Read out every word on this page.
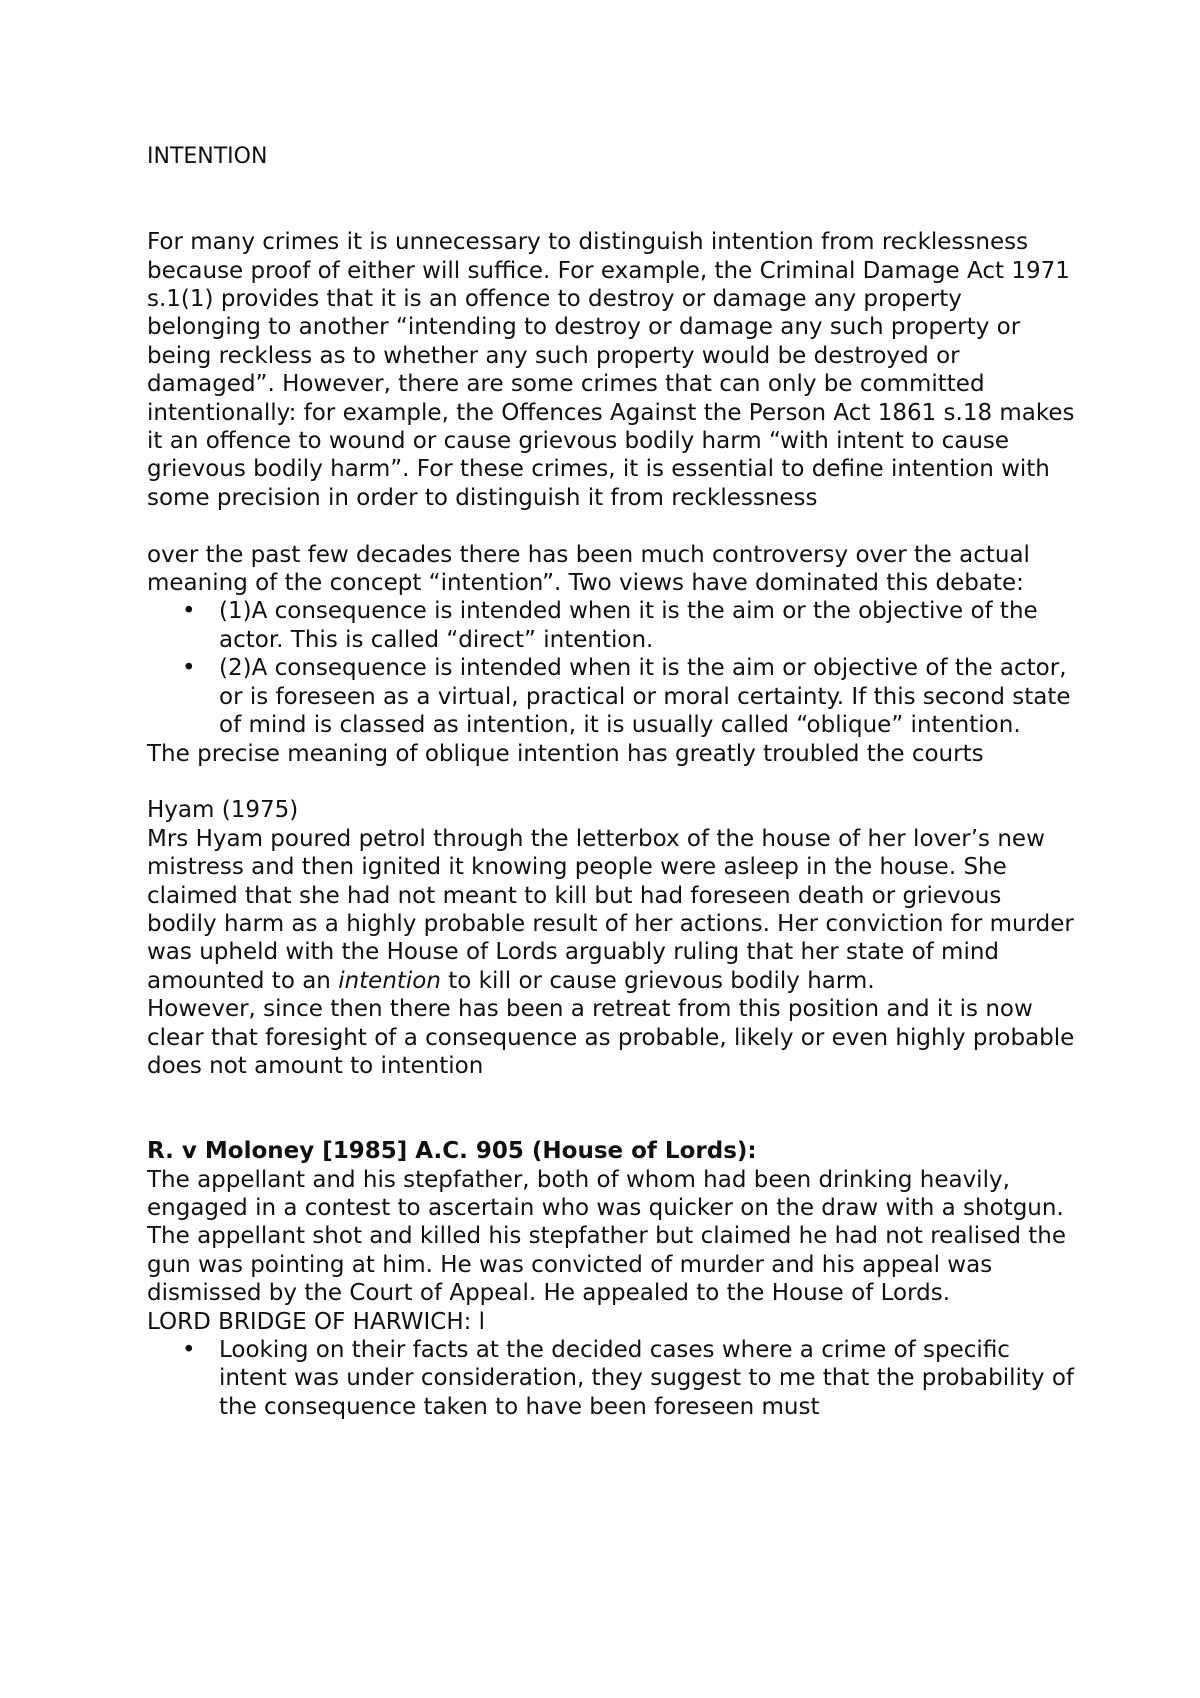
INTENTION

For many crimes it is unnecessary to distinguish intention from recklessness because proof of either will suffice. For example, the Criminal Damage Act 1971 s.1(1) provides that it is an offence to destroy or damage any property belonging to another “intending to destroy or damage any such property or being reckless as to whether any such property would be destroyed or damaged”. However, there are some crimes that can only be committed intentionally: for example, the Offences Against the Person Act 1861 s.18 makes it an offence to wound or cause grievous bodily harm “with intent to cause grievous bodily harm”. For these crimes, it is essential to define intention with some precision in order to distinguish it from recklessness

over the past few decades there has been much controversy over the actual meaning of the concept “intention”. Two views have dominated this debate:

• (1)A consequence is intended when it is the aim or the objective of the actor. This is called “direct” intention.
• (2)A consequence is intended when it is the aim or objective of the actor, or is foreseen as a virtual, practical or moral certainty. If this second state of mind is classed as intention, it is usually called “oblique” intention.

The precise meaning of oblique intention has greatly troubled the courts

Hyam (1975)

Mrs Hyam poured petrol through the letterbox of the house of her lover’s new mistress and then ignited it knowing people were asleep in the house. She claimed that she had not meant to kill but had foreseen death or grievous bodily harm as a highly probable result of her actions. Her conviction for murder was upheld with the House of Lords arguably ruling that her state of mind amounted to an intention to kill or cause grievous bodily harm.

However, since then there has been a retreat from this position and it is now clear that foresight of a consequence as probable, likely or even highly probable does not amount to intention

R. v Moloney [1985] A.C. 905 (House of Lords):

The appellant and his stepfather, both of whom had been drinking heavily, engaged in a contest to ascertain who was quicker on the draw with a shotgun. The appellant shot and killed his stepfather but claimed he had not realised the gun was pointing at him. He was convicted of murder and his appeal was dismissed by the Court of Appeal. He appealed to the House of Lords.

LORD BRIDGE OF HARWICH: l

• Looking on their facts at the decided cases where a crime of specific intent was under consideration, they suggest to me that the probability of the consequence taken to have been foreseen must
